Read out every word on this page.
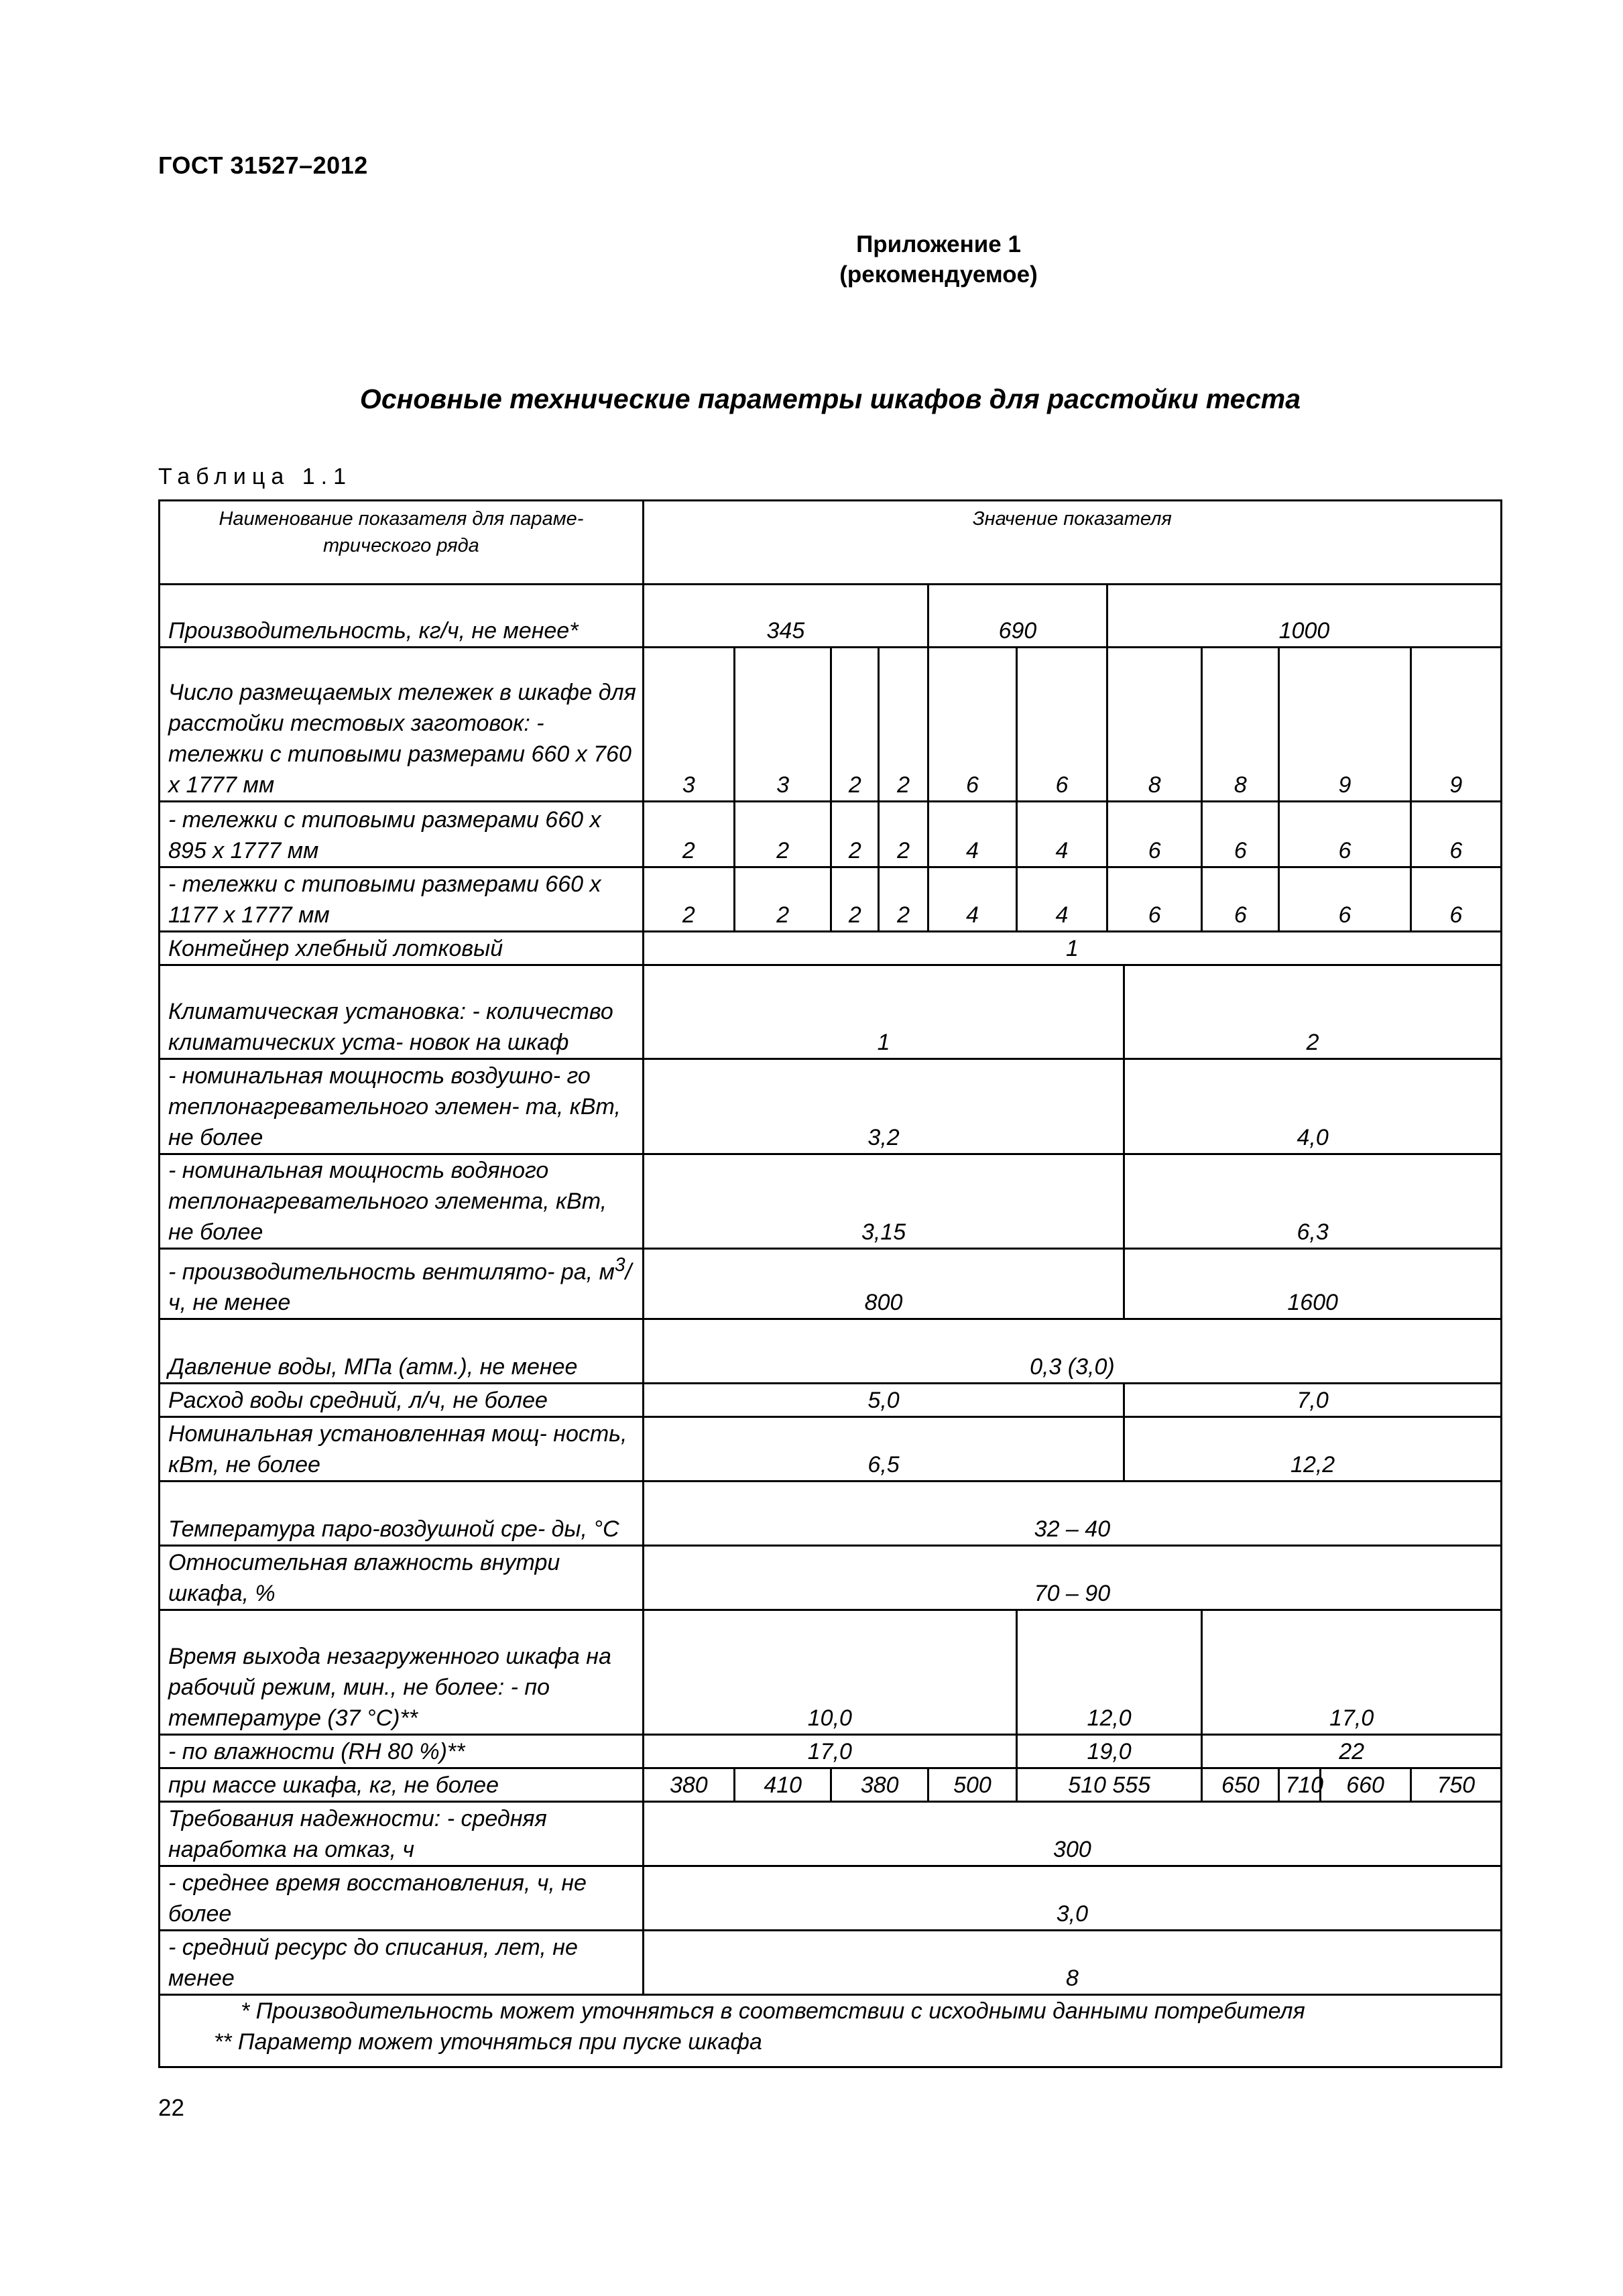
ГОСТ 31527–2012
Приложение 1
(рекомендуемое)
Основные технические параметры шкафов для расстойки теста
Таблица 1.1
Наименование показателя для параме- трического ряда	Значение показателя											
Производительность, кг/ч, не менее*	345				690		1000					
Число размещаемых тележек в шкафе для расстойки тестовых заготовок: - тележки с типовыми размерами 660 х 760 х 1777 мм	3	3	2	2	6	6	8		8	9		9
- тележки с типовыми размерами 660 х 895 х 1777 мм	2	2	2	2	4	4	6		6	6		6
- тележки с типовыми размерами 660 х 1177 х 1777 мм	2	2	2	2	4	4	6		6	6		6
Контейнер хлебный лотковый	1											
Климатическая установка: - количество климатических уста- новок на шкаф	1							2				
- номинальная мощность воздушно- го теплонагревательного элемен- та, кВт, не более	3,2							4,0				
- номинальная мощность водяного теплонагревательного элемента, кВт, не более	3,15							6,3				
- производительность вентилято- ра, $м^3/ч$, не менее	800							1600				
Давление воды, МПа (атм.), не менее	0,3 (3,0)											
Расход воды средний, л/ч, не более	5,0							7,0				
Номинальная установленная мощ- ность, кВт, не более	6,5							12,2				
Температура паро-воздушной сре- ды, °С	32 – 40											
Относительная влажность внутри шкафа, %	70 – 90											
Время выхода незагруженного шкафа на рабочий режим, мин., не более: - по температуре (37 °С)**	10,0					12,0			17,0			
- по влажности (RH 80 %)**	17,0					19,0			22			
при массе шкафа, кг, не более	380	410	380		500	510 555			650	710	660	750
Требования надежности: - средняя наработка на отказ, ч	300											
- среднее время восстановления, ч, не более	3,0											
- средний ресурс до списания, лет, не менее	8											

* Производительность может уточняться в соответствии с исходными данными потребителя
** Параметр может уточняться при пуске шкафа												
22
